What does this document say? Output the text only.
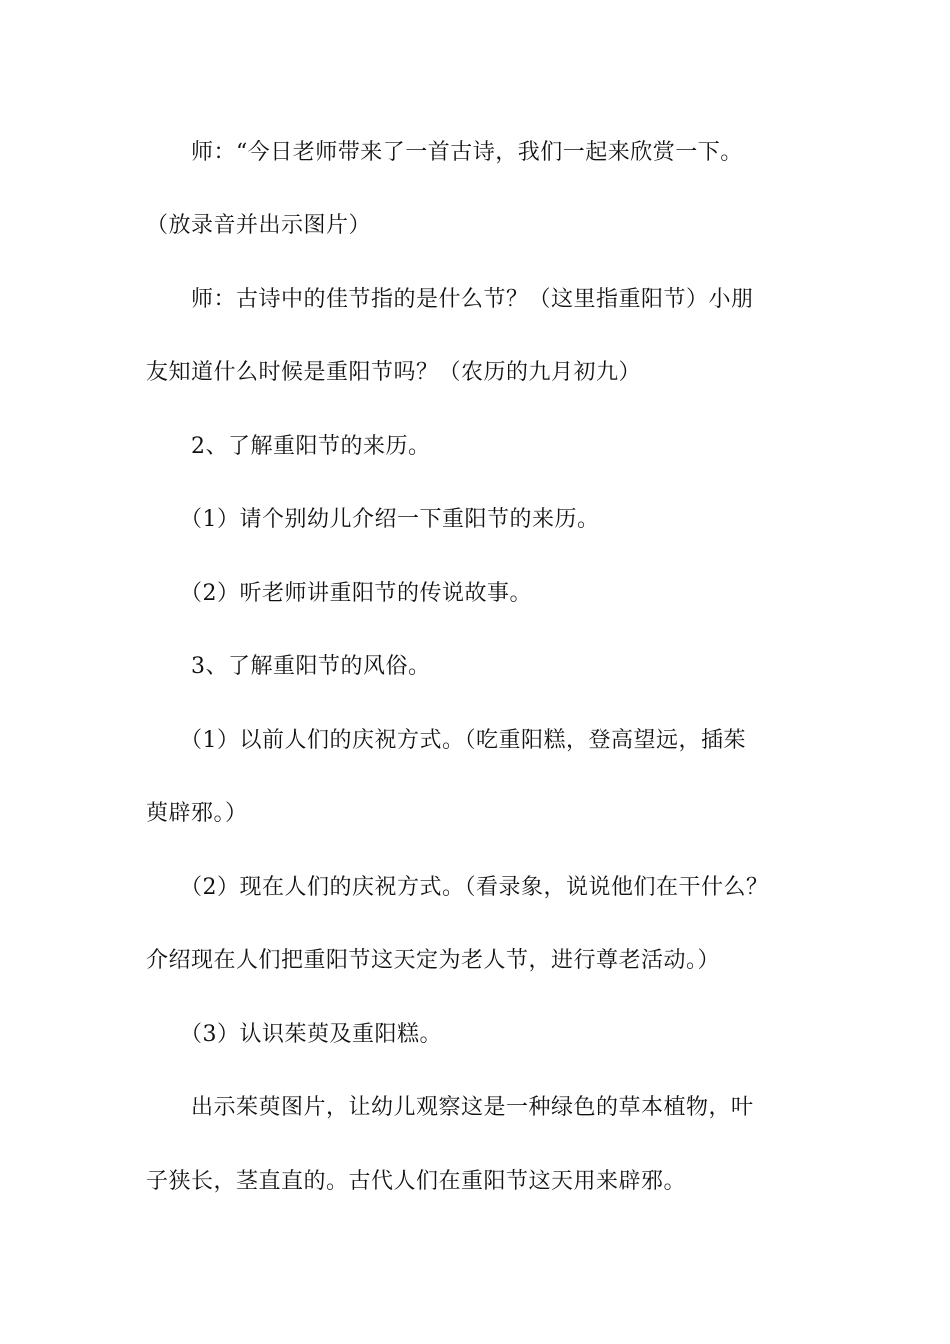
师：“今日老师带来了一首古诗，我们一起来欣赏一下。
（放录音并出示图片）
师：古诗中的佳节指的是什么节？（这里指重阳节）小朋
友知道什么时候是重阳节吗？（农历的九月初九）
2、了解重阳节的来历。
（1）请个别幼儿介绍一下重阳节的来历。
（2）听老师讲重阳节的传说故事。
3、了解重阳节的风俗。
（1）以前人们的庆祝方式。（吃重阳糕，登高望远，插茱
萸辟邪。）
（2）现在人们的庆祝方式。（看录象，说说他们在干什么？
介绍现在人们把重阳节这天定为老人节，进行尊老活动。）
（3）认识茱萸及重阳糕。
出示茱萸图片，让幼儿观察这是一种绿色的草本植物，叶
子狭长，茎直直的。古代人们在重阳节这天用来辟邪。
